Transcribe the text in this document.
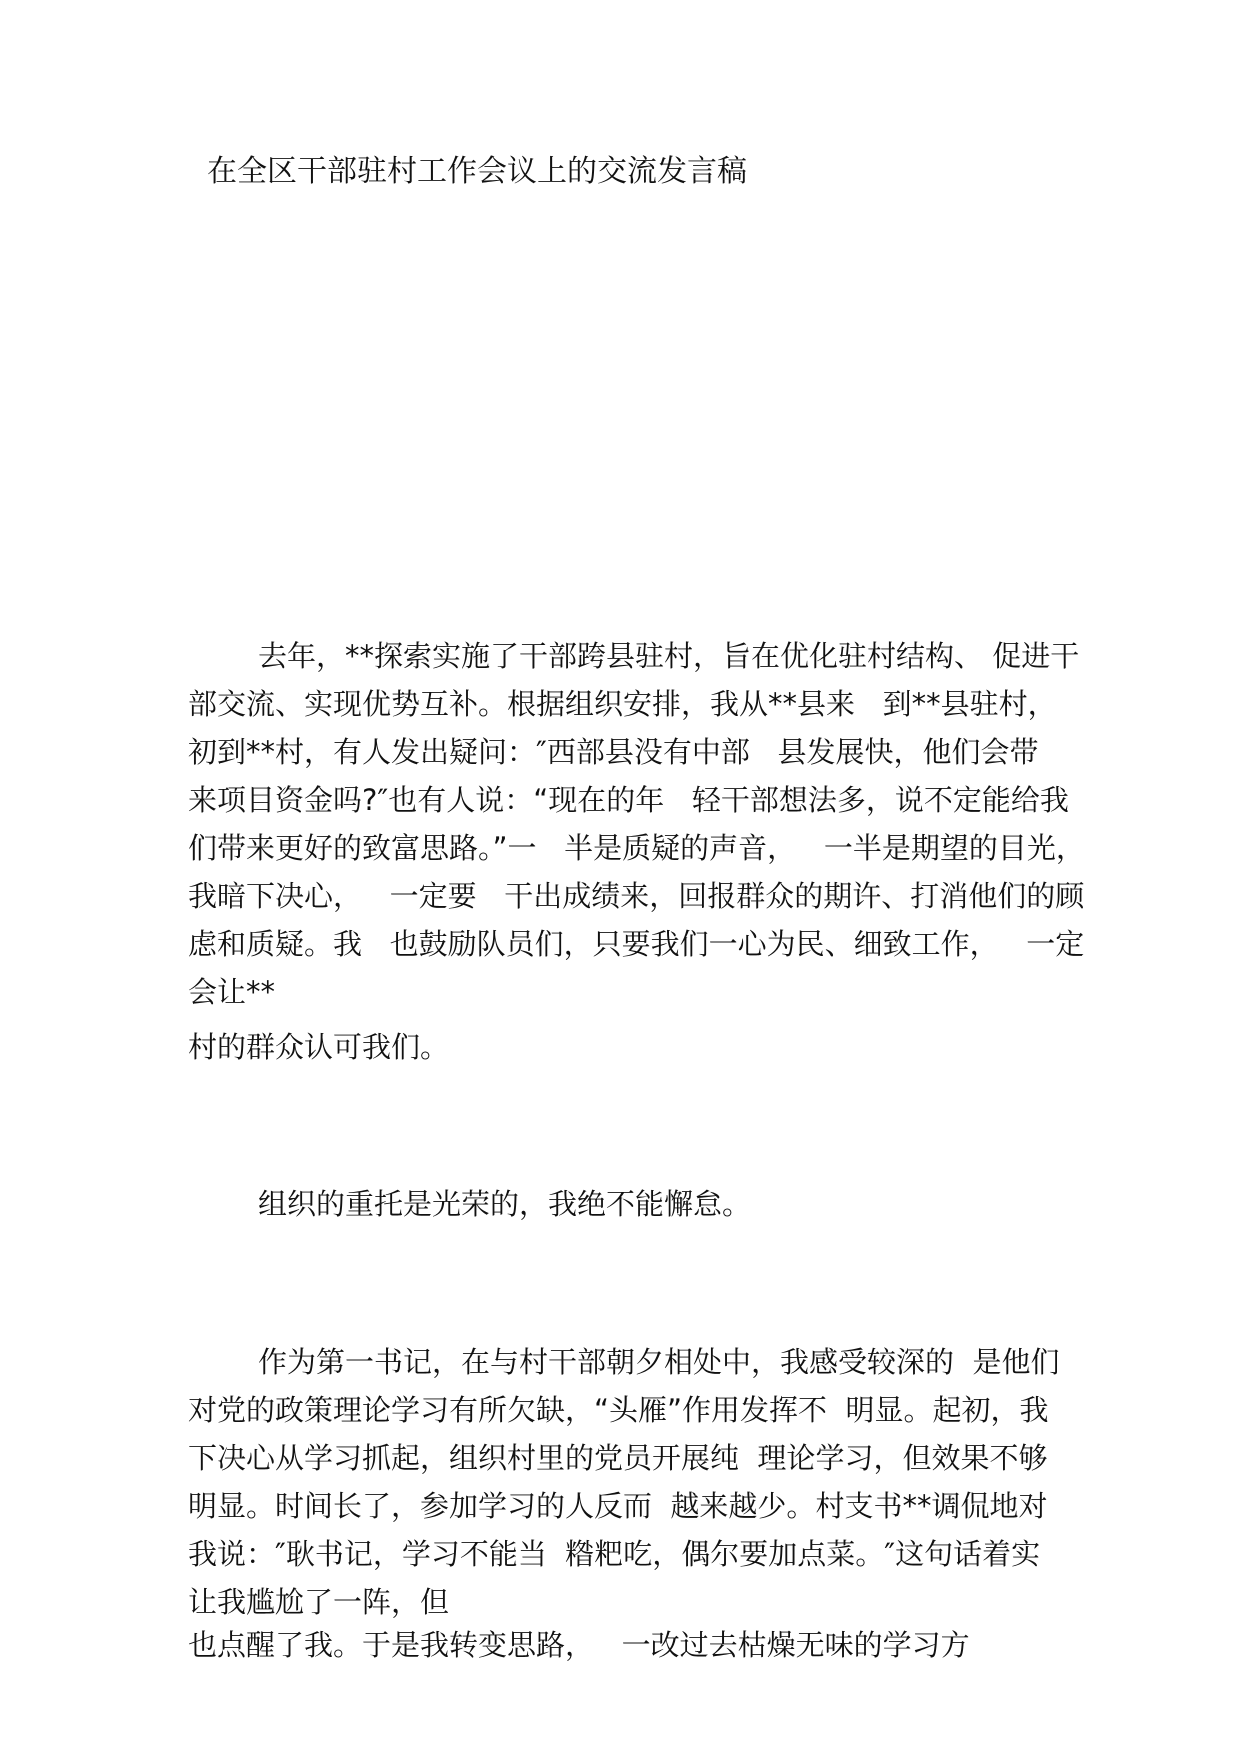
在全区干部驻村工作会议上的交流发言稿
去年，**探索实施了干部跨县驻村，旨在优化驻村结构、 促进干
部交流、实现优势互补。根据组织安排，我从**县来   到**县驻村，
初到**村，有人发出疑问：″西部县没有中部   县发展快，他们会带
来项目资金吗?″也有人说：“现在的年   轻干部想法多，说不定能给我
们带来更好的致富思路。”一   半是质疑的声音，   一半是期望的目光，
我暗下决心，   一定要   干出成绩来，回报群众的期许、打消他们的顾
虑和质疑。我   也鼓励队员们，只要我们一心为民、细致工作，   一定
会让**
村的群众认可我们。
组织的重托是光荣的，我绝不能懈怠。
作为第一书记，在与村干部朝夕相处中，我感受较深的  是他们
对党的政策理论学习有所欠缺，“头雁”作用发挥不  明显。起初，我
下决心从学习抓起，组织村里的党员开展纯  理论学习，但效果不够
明显。时间长了，参加学习的人反而  越来越少。村支书**调侃地对
我说：″耿书记，学习不能当  糌粑吃，偶尔要加点菜。″这句话着实
让我尴尬了一阵，但
也点醒了我。于是我转变思路，   一改过去枯燥无味的学习方
